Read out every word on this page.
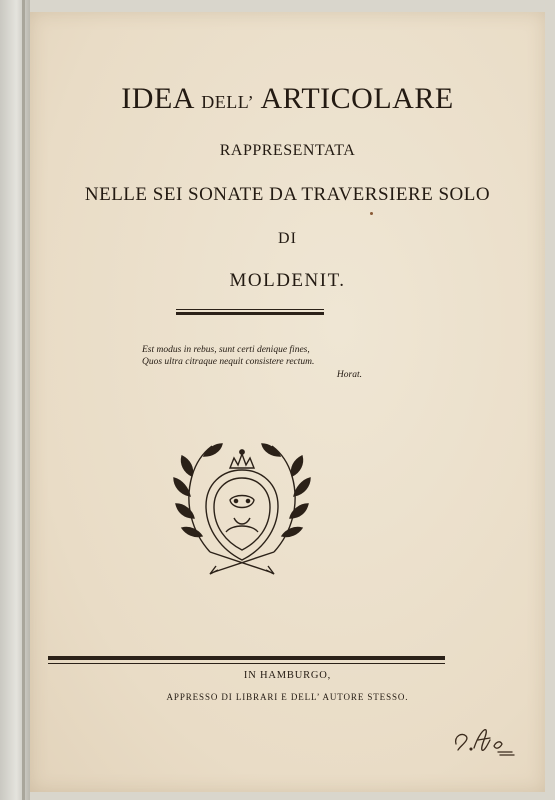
IDEA DELL’ ARTICOLARE

RAPPRESENTATA

NELLE SEI SONATE DA TRAVERSIERE SOLO

DI

MOLDENIT.

Est modus in rebus, sunt certi denique fines,
Quos ultra citraque nequit consistere rectum.
Horat.

IN HAMBURGO,

APPRESSO DI LIBRARI E DELL’ AUTORE STESSO.
